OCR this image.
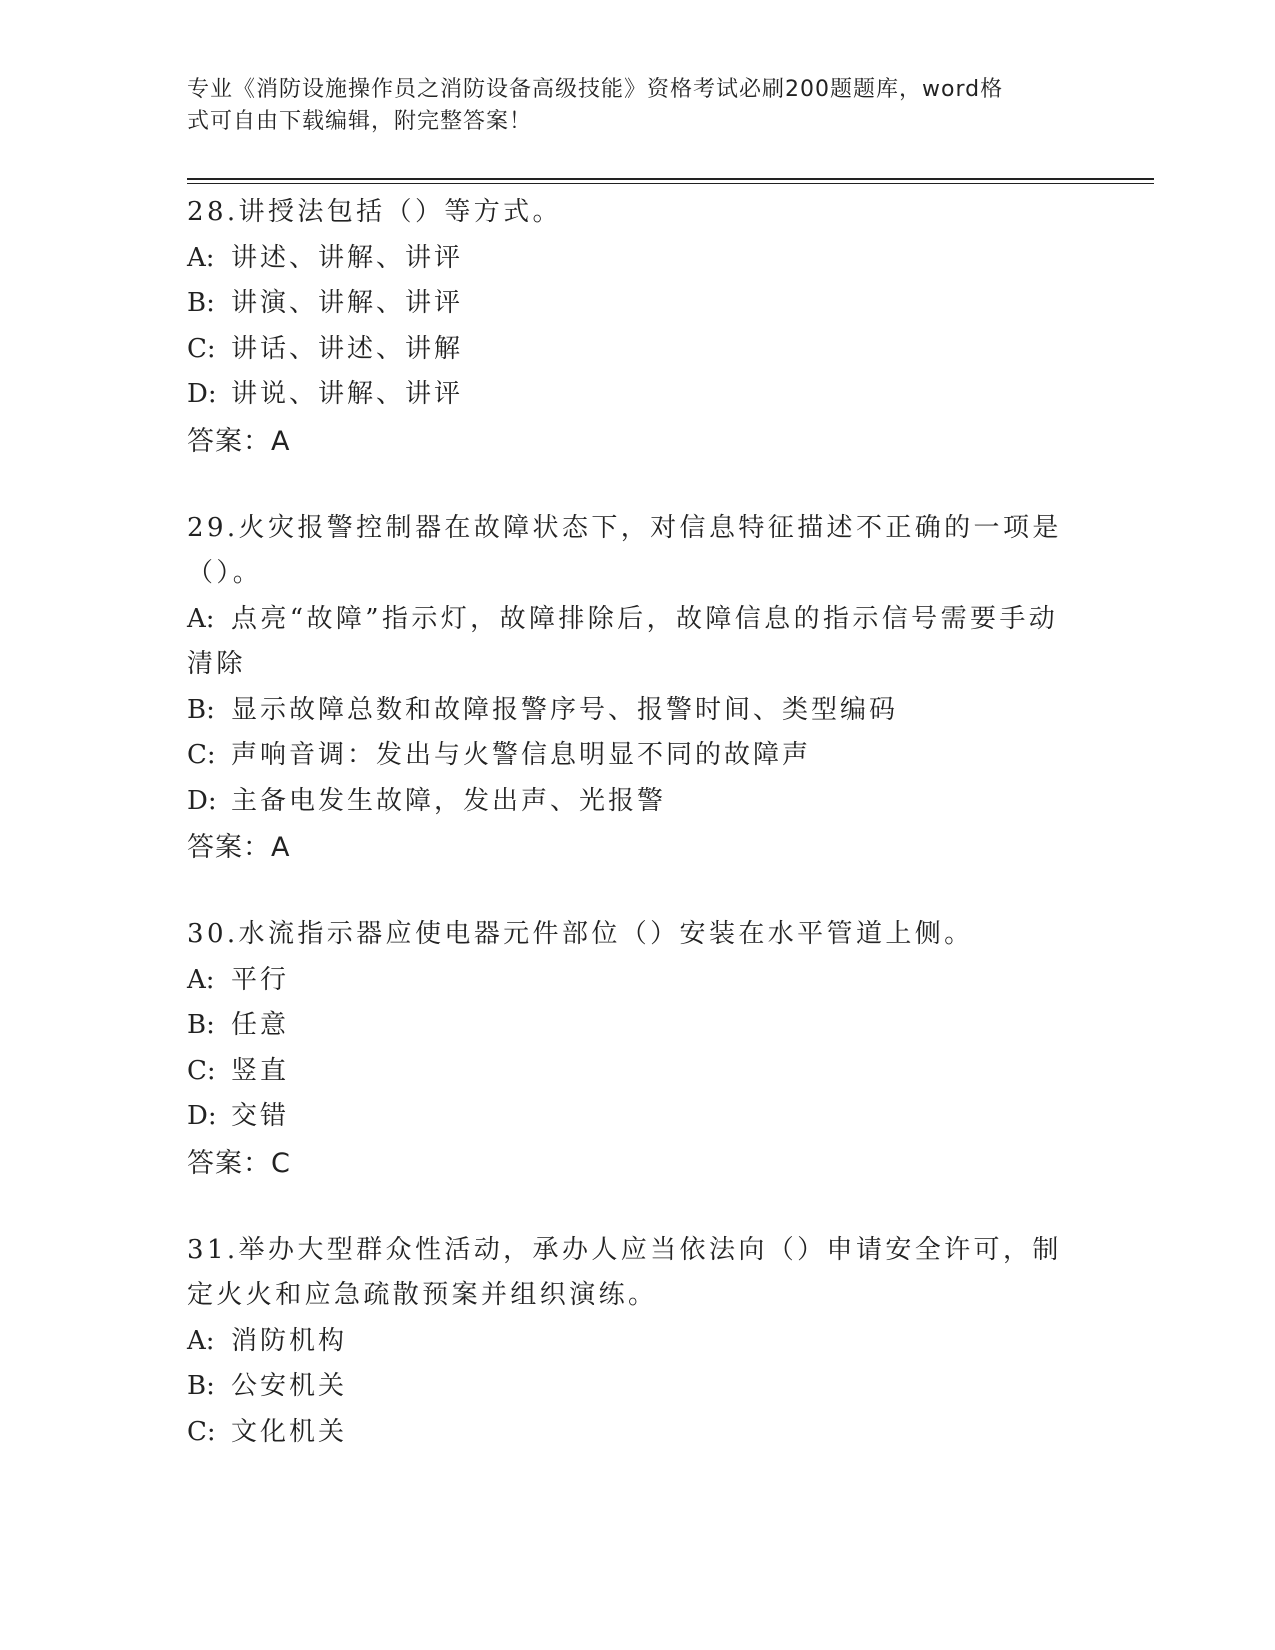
专业《消防设施操作员之消防设备高级技能》资格考试必刷200题题库，word格
式可自由下载编辑，附完整答案！
28.讲授法包括（）等方式。
A: 讲述、讲解、讲评
B: 讲演、讲解、讲评
C: 讲话、讲述、讲解
D: 讲说、讲解、讲评
答案：A
29.火灾报警控制器在故障状态下，对信息特征描述不正确的一项是（）。
A: 点亮“故障”指示灯，故障排除后，故障信息的指示信号需要手动清除
B: 显示故障总数和故障报警序号、报警时间、类型编码
C: 声响音调：发出与火警信息明显不同的故障声
D: 主备电发生故障，发出声、光报警
答案：A
30.水流指示器应使电器元件部位（）安装在水平管道上侧。
A: 平行
B: 任意
C: 竖直
D: 交错
答案：C
31.举办大型群众性活动，承办人应当依法向（）申请安全许可，制定火火和应急疏散预案并组织演练。
A: 消防机构
B: 公安机关
C: 文化机关
